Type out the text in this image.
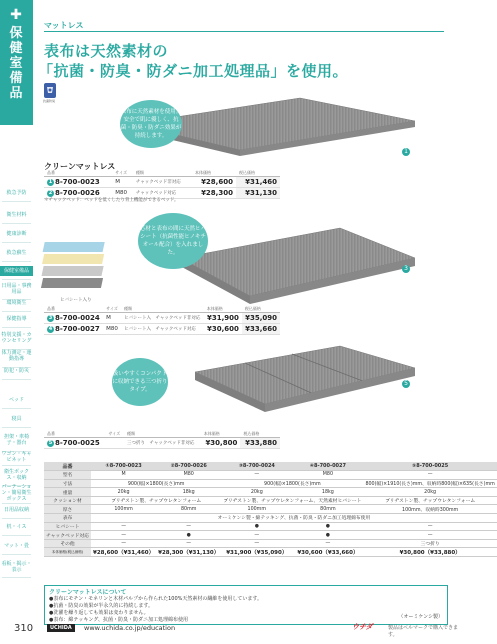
✚
保健室備品
救急予防
衛生材料
健康診断
救急蘇生
保健室備品
日用品・事務用品
環境衛生
保健指導
特別支援・カウンセリング
体力測定・運動指導
防犯・防災
ベッド
寝具
担架・車椅子・器台
ワゴン・キャビネット
衛生ボックス・収納
パーテーション・簡易衛生ボックス
日用品収納
机・イス
マット・畳
看板・掲示・表示
マットレス
表布は天然素材の
「抗菌・防臭・防ダニ加工処理品」を使用。
抗菌防臭
表布に天然素材を使用。安全で肌に優しく、抗菌・防臭・防ダニ効果が持続します。
1
クリーンマットレス
品番	サイズ	種類	本体価格	税込価格
1 8-700-0023	M	チャックベッド非対応	¥28,600	¥31,460
2 8-700-0026	M80	チャックベッド対応	¥28,300	¥31,130
＊チャックベッド：ベッドを低くしたり背上機能ができるベッド。
ヒバシート入り
芯材と表布の間に天然ヒバシート（抗菌性能ヒノキチオール配合）を入れました。
3
品番	サイズ	種類	本体価格	税込価格
3 8-700-0024	M	ヒバシート入　チャックベッド非対応	¥31,900	¥35,090
4 8-700-0027	M80	ヒバシート入　チャックベッド対応	¥30,600	¥33,660
扱いやすくコンパクトに収納できる三つ折りタイプ。
5
品番	サイズ	種類	本体価格	税込価格
5 8-700-0025		三つ折り　チャックベッド非対応	¥30,800	¥33,880
品番	①8-700-0023	②8-700-0026	③8-700-0024	④8-700-0027	⑤8-700-0025
型名	M	M80	—	M80	—
寸法	900(幅)×1800(長さ)mm		900(幅)×1800(長さ)mm		800(幅)×1910(長さ)mm、収納時800(幅)×635(長さ)mm
重量	20kg	18kg	20kg	18kg	20kg
クッション材	ブリヂストン製、チップウレタンフォーム		ブリヂストン製、チップウレタンフォーム、天然素材ヒバシート		ブリヂストン製、チップウレタンフォーム
厚さ	100mm	80mm	100mm	80mm	100mm、収納時300mm
表布	オーミケンシ製・綿テッキング、抗菌・防臭・防ダニ加工処理綿布使用				
ヒバシート	—	—	●	●	—
チャックベッド対応	—	●	—	●	—
その他	—	—	—	—	三つ折り
本体価格(税込価格)	¥28,600（¥31,460）	¥28,300（¥31,130）	¥31,900（¥35,090）	¥30,600（¥33,660）	¥30,800（¥33,880）
クリーンマットレスについて
●表布にモチン・モネリンと木材パルプから作られた100%天然素材の繊維を使用しています。
●抗菌・防臭の効果が半永久的に持続します。
●洗濯を繰り返しても効果は変わりません。
●表布：綿テッキング、抗菌・防臭・防ダニ加工処理綿布使用	（オーミケンシ製）
310	UCHIDA	www.uchida.co.jp/education	ウチダ	製品はベルマークで購入できます。
